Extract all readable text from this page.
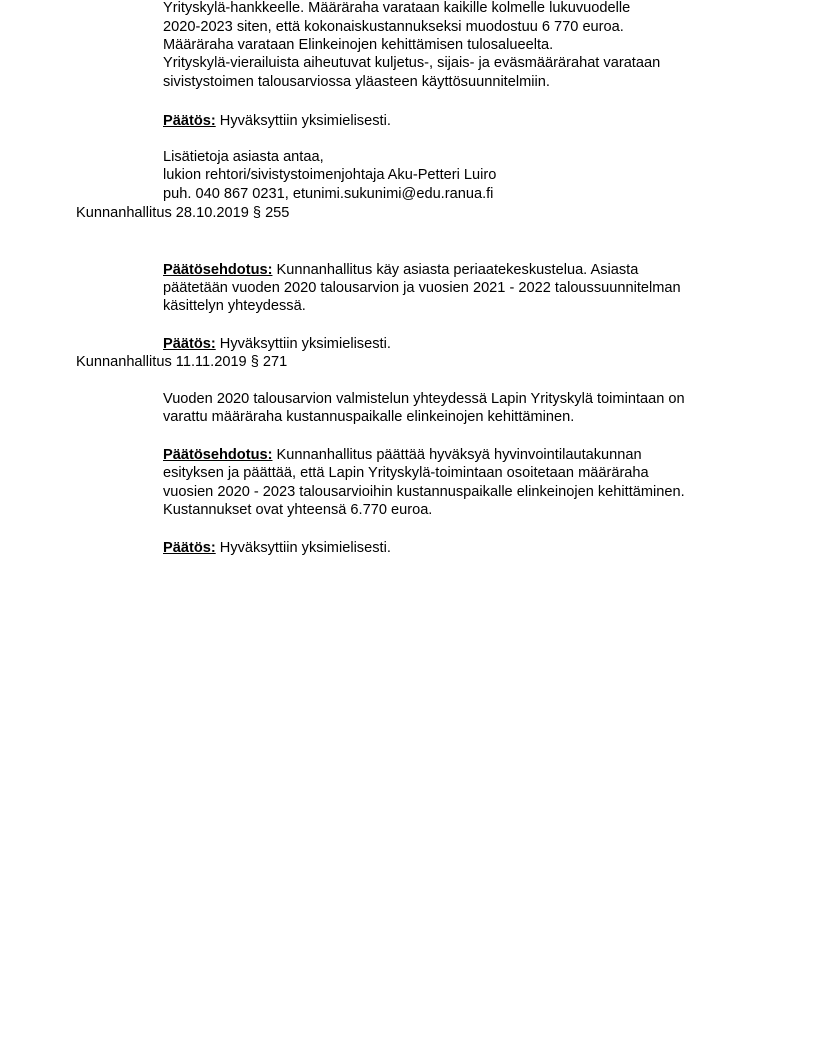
Yrityskylä-hankkeelle. Määräraha varataan kaikille kolmelle lukuvuodelle
2020-2023 siten, että kokonaiskustannukseksi muodostuu 6 770 euroa.
Määräraha varataan Elinkeinojen kehittämisen tulosalueelta.
Yrityskylä-vierailuista aiheutuvat kuljetus-, sijais- ja eväsmäärärahat varataan
sivistystoimen talousarviossa yläasteen käyttösuunnitelmiin.
Päätös: Hyväksyttiin yksimielisesti.
Lisätietoja asiasta antaa,
lukion rehtori/sivistystoimenjohtaja Aku-Petteri Luiro
puh. 040 867 0231, etunimi.sukunimi@edu.ranua.fi
Kunnanhallitus 28.10.2019 § 255
Päätösehdotus: Kunnanhallitus käy asiasta periaatekeskustelua. Asiasta
päätetään vuoden 2020 talousarvion ja vuosien 2021 - 2022 taloussuunnitelman
käsittelyn yhteydessä.
Päätös: Hyväksyttiin yksimielisesti.
Kunnanhallitus 11.11.2019 § 271
Vuoden 2020 talousarvion valmistelun yhteydessä Lapin Yrityskylä toimintaan on
varattu määräraha kustannuspaikalle elinkeinojen kehittäminen.
Päätösehdotus: Kunnanhallitus päättää hyväksyä hyvinvointilautakunnan
esityksen ja päättää, että Lapin Yrityskylä-toimintaan osoitetaan määräraha
vuosien 2020 - 2023 talousarvioihin kustannuspaikalle elinkeinojen kehittäminen.
Kustannukset ovat yhteensä 6.770 euroa.
Päätös: Hyväksyttiin yksimielisesti.
